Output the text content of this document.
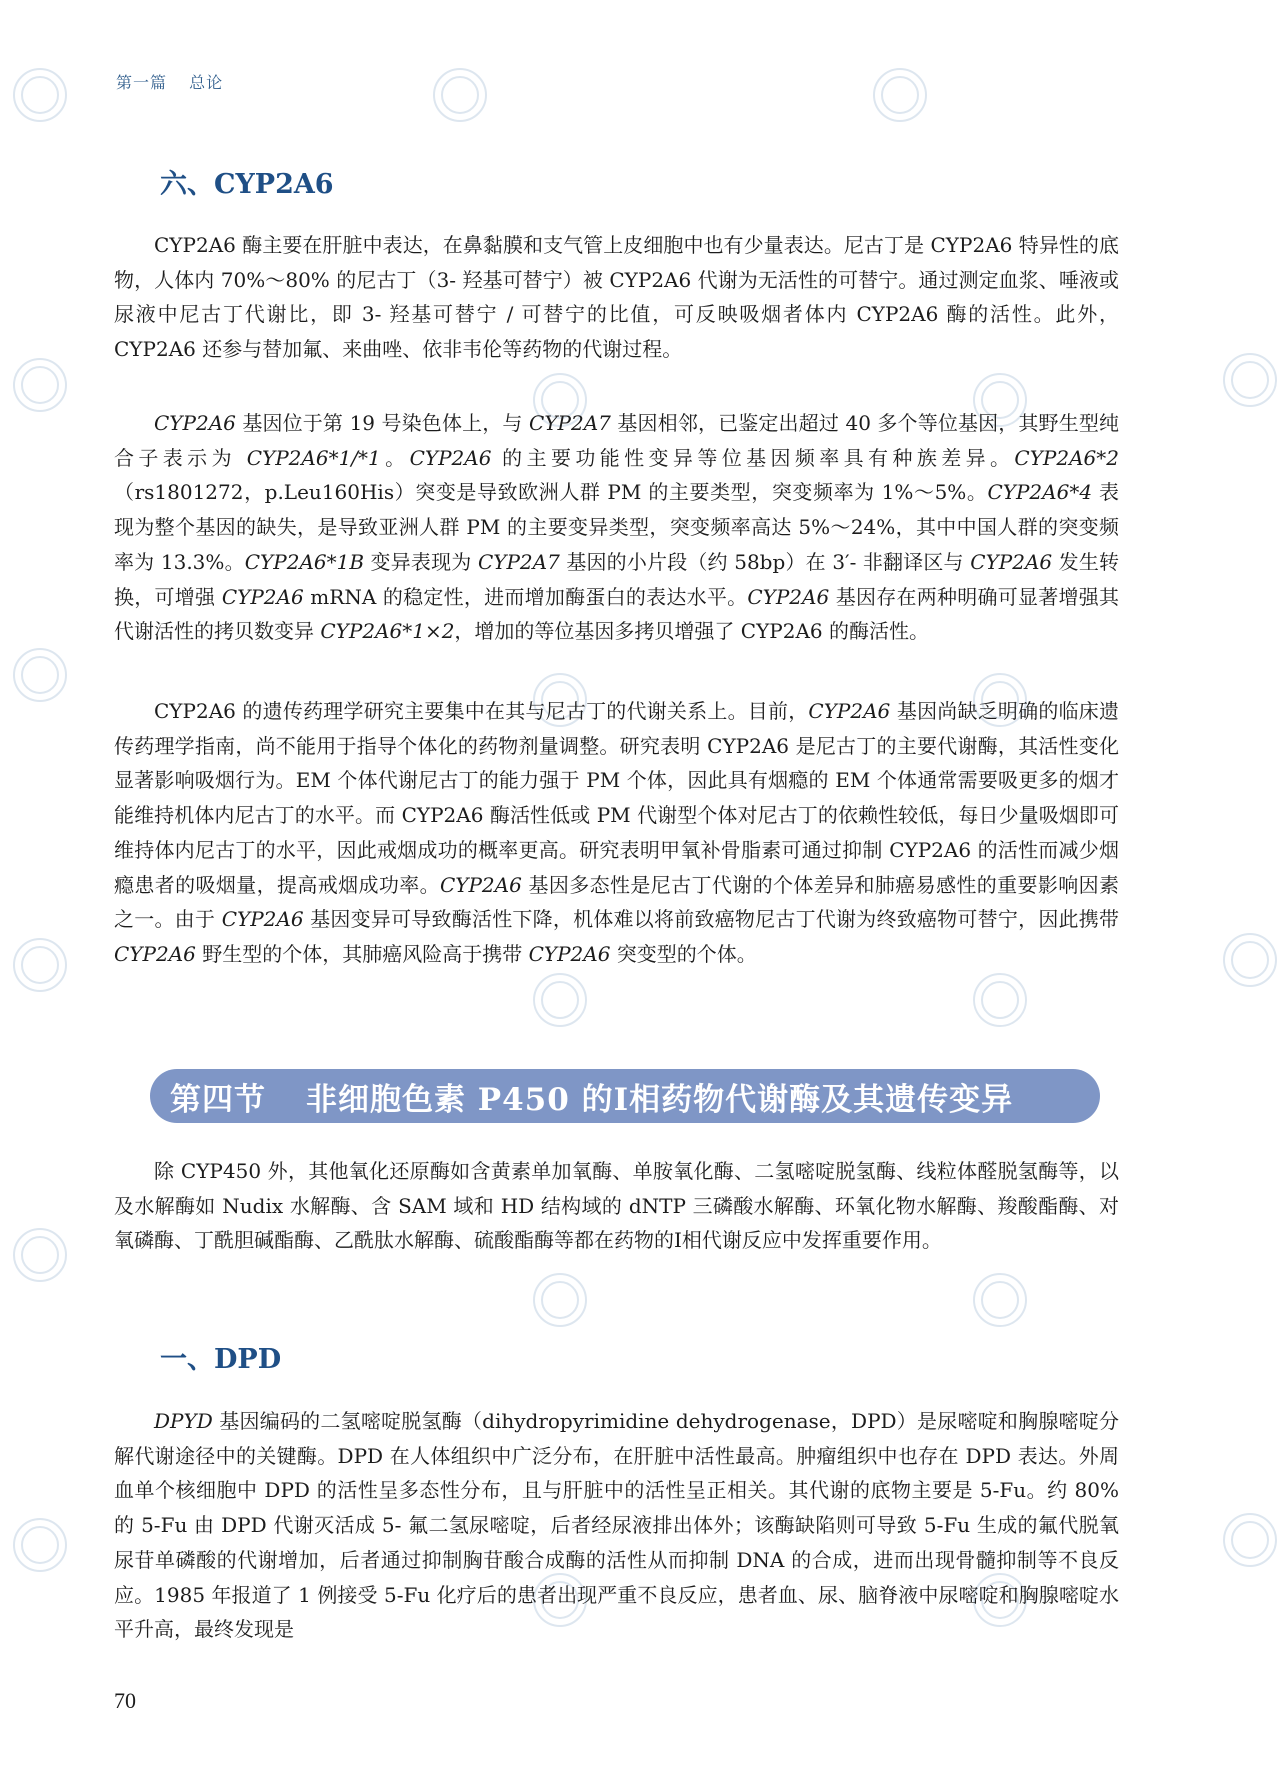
第一篇 总论
六、CYP2A6

CYP2A6 酶主要在肝脏中表达，在鼻黏膜和支气管上皮细胞中也有少量表达。尼古丁是 CYP2A6 特异性的底物，人体内 70%～80% 的尼古丁（3- 羟基可替宁）被 CYP2A6 代谢为无活性的可替宁。通过测定血浆、唾液或尿液中尼古丁代谢比，即 3- 羟基可替宁 / 可替宁的比值，可反映吸烟者体内 CYP2A6 酶的活性。此外，CYP2A6 还参与替加氟、来曲唑、依非韦伦等药物的代谢过程。

CYP2A6 基因位于第 19 号染色体上，与 CYP2A7 基因相邻，已鉴定出超过 40 多个等位基因，其野生型纯合子表示为 CYP2A6*1/*1。CYP2A6 的主要功能性变异等位基因频率具有种族差异。CYP2A6*2（rs1801272，p.Leu160His）突变是导致欧洲人群 PM 的主要类型，突变频率为 1%～5%。CYP2A6*4 表现为整个基因的缺失，是导致亚洲人群 PM 的主要变异类型，突变频率高达 5%～24%，其中中国人群的突变频率为 13.3%。CYP2A6*1B 变异表现为 CYP2A7 基因的小片段（约 58bp）在 3′- 非翻译区与 CYP2A6 发生转换，可增强 CYP2A6 mRNA 的稳定性，进而增加酶蛋白的表达水平。CYP2A6 基因存在两种明确可显著增强其代谢活性的拷贝数变异 CYP2A6*1×2，增加的等位基因多拷贝增强了 CYP2A6 的酶活性。

CYP2A6 的遗传药理学研究主要集中在其与尼古丁的代谢关系上。目前，CYP2A6 基因尚缺乏明确的临床遗传药理学指南，尚不能用于指导个体化的药物剂量调整。研究表明 CYP2A6 是尼古丁的主要代谢酶，其活性变化显著影响吸烟行为。EM 个体代谢尼古丁的能力强于 PM 个体，因此具有烟瘾的 EM 个体通常需要吸更多的烟才能维持机体内尼古丁的水平。而 CYP2A6 酶活性低或 PM 代谢型个体对尼古丁的依赖性较低，每日少量吸烟即可维持体内尼古丁的水平，因此戒烟成功的概率更高。研究表明甲氧补骨脂素可通过抑制 CYP2A6 的活性而减少烟瘾患者的吸烟量，提高戒烟成功率。CYP2A6 基因多态性是尼古丁代谢的个体差异和肺癌易感性的重要影响因素之一。由于 CYP2A6 基因变异可导致酶活性下降，机体难以将前致癌物尼古丁代谢为终致癌物可替宁，因此携带 CYP2A6 野生型的个体，其肺癌风险高于携带 CYP2A6 突变型的个体。

第四节 非细胞色素 P450 的Ⅰ相药物代谢酶及其遗传变异

除 CYP450 外，其他氧化还原酶如含黄素单加氧酶、单胺氧化酶、二氢嘧啶脱氢酶、线粒体醛脱氢酶等，以及水解酶如 Nudix 水解酶、含 SAM 域和 HD 结构域的 dNTP 三磷酸水解酶、环氧化物水解酶、羧酸酯酶、对氧磷酶、丁酰胆碱酯酶、乙酰肽水解酶、硫酸酯酶等都在药物的Ⅰ相代谢反应中发挥重要作用。

一、DPD

DPYD 基因编码的二氢嘧啶脱氢酶（dihydropyrimidine dehydrogenase，DPD）是尿嘧啶和胸腺嘧啶分解代谢途径中的关键酶。DPD 在人体组织中广泛分布，在肝脏中活性最高。肿瘤组织中也存在 DPD 表达。外周血单个核细胞中 DPD 的活性呈多态性分布，且与肝脏中的活性呈正相关。其代谢的底物主要是 5-Fu。约 80% 的 5-Fu 由 DPD 代谢灭活成 5- 氟二氢尿嘧啶，后者经尿液排出体外；该酶缺陷则可导致 5-Fu 生成的氟代脱氧尿苷单磷酸的代谢增加，后者通过抑制胸苷酸合成酶的活性从而抑制 DNA 的合成，进而出现骨髓抑制等不良反应。1985 年报道了 1 例接受 5-Fu 化疗后的患者出现严重不良反应，患者血、尿、脑脊液中尿嘧啶和胸腺嘧啶水平升高，最终发现是

70
